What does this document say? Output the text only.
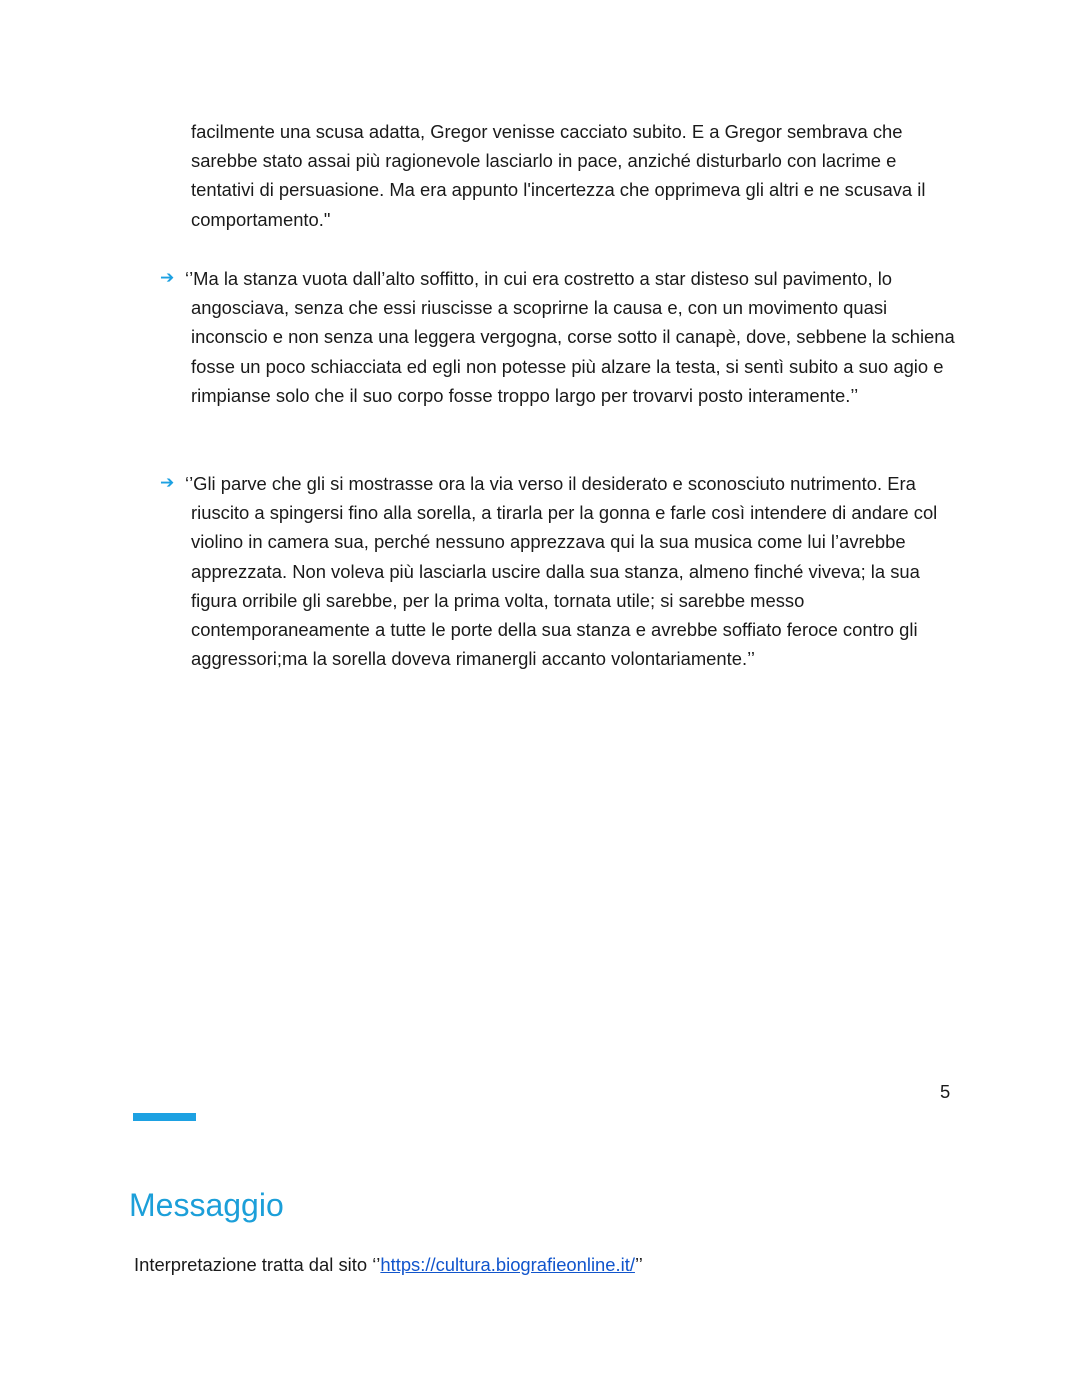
facilmente una scusa adatta, Gregor venisse cacciato subito. E a Gregor sembrava che sarebbe stato assai più ragionevole lasciarlo in pace, anziché disturbarlo con lacrime e tentativi di persuasione. Ma era appunto l'incertezza che opprimeva gli altri e ne scusava il comportamento."

➔ ‘’Ma la stanza vuota dall’alto soffitto, in cui era costretto a star disteso sul pavimento, lo angosciava, senza che essi riuscisse a scoprirne la causa e, con un movimento quasi inconscio e non senza una leggera vergogna, corse sotto il canapè, dove, sebbene la schiena fosse un poco schiacciata ed egli non potesse più alzare la testa, si sentì subito a suo agio e rimpianse solo che il suo corpo fosse troppo largo per trovarvi posto interamente.’’
➔ ‘’Gli parve che gli si mostrasse ora la via verso il desiderato e sconosciuto nutrimento. Era riuscito a spingersi fino alla sorella, a tirarla per la gonna e farle così intendere di andare col violino in camera sua, perché nessuno apprezzava qui la sua musica come lui l’avrebbe apprezzata. Non voleva più lasciarla uscire dalla sua stanza, almeno finché viveva; la sua figura orribile gli sarebbe, per la prima volta, tornata utile; si sarebbe messo contemporaneamente a tutte le porte della sua stanza e avrebbe soffiato feroce contro gli aggressori;ma la sorella doveva rimanergli accanto volontariamente.’’
5
Messaggio

Interpretazione tratta dal sito ‘’https://cultura.biografieonline.it/’’
